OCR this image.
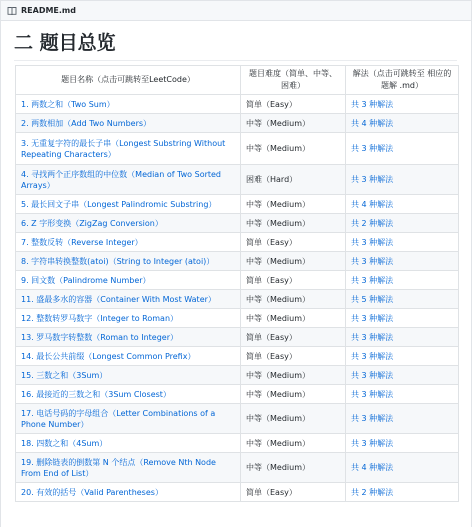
README.md
二 题目总览
题目名称（点击可跳转至LeetCode）	题目难度（简单、中等、困难）	解法（点击可跳转至 相应的题解 .md）
1. 两数之和（Two Sum）	简单（Easy）	共 3 种解法
2. 两数相加（Add Two Numbers）	中等（Medium）	共 4 种解法
3. 无重复字符的最长子串（Longest Substring Without Repeating Characters）	中等（Medium）	共 3 种解法
4. 寻找两个正序数组的中位数（Median of Two Sorted Arrays）	困难（Hard）	共 3 种解法
5. 最长回文子串（Longest Palindromic Substring）	中等（Medium）	共 4 种解法
6. Z 字形变换（ZigZag Conversion）	中等（Medium）	共 2 种解法
7. 整数反转（Reverse Integer）	简单（Easy）	共 3 种解法
8. 字符串转换整数(atoi)（String to Integer (atoi)）	中等（Medium）	共 3 种解法
9. 回文数（Palindrome Number）	简单（Easy）	共 3 种解法
11. 盛最多水的容器（Container With Most Water）	中等（Medium）	共 5 种解法
12. 整数转罗马数字（Integer to Roman）	中等（Medium）	共 3 种解法
13. 罗马数字转整数（Roman to Integer）	简单（Easy）	共 3 种解法
14. 最长公共前缀（Longest Common Prefix）	简单（Easy）	共 3 种解法
15. 三数之和（3Sum）	中等（Medium）	共 3 种解法
16. 最接近的三数之和（3Sum Closest）	中等（Medium）	共 3 种解法
17. 电话号码的字母组合（Letter Combinations of a Phone Number）	中等（Medium）	共 3 种解法
18. 四数之和（4Sum）	中等（Medium）	共 3 种解法
19. 删除链表的倒数第 N 个结点（Remove Nth Node From End of List）	中等（Medium）	共 4 种解法
20. 有效的括号（Valid Parentheses）	简单（Easy）	共 2 种解法
